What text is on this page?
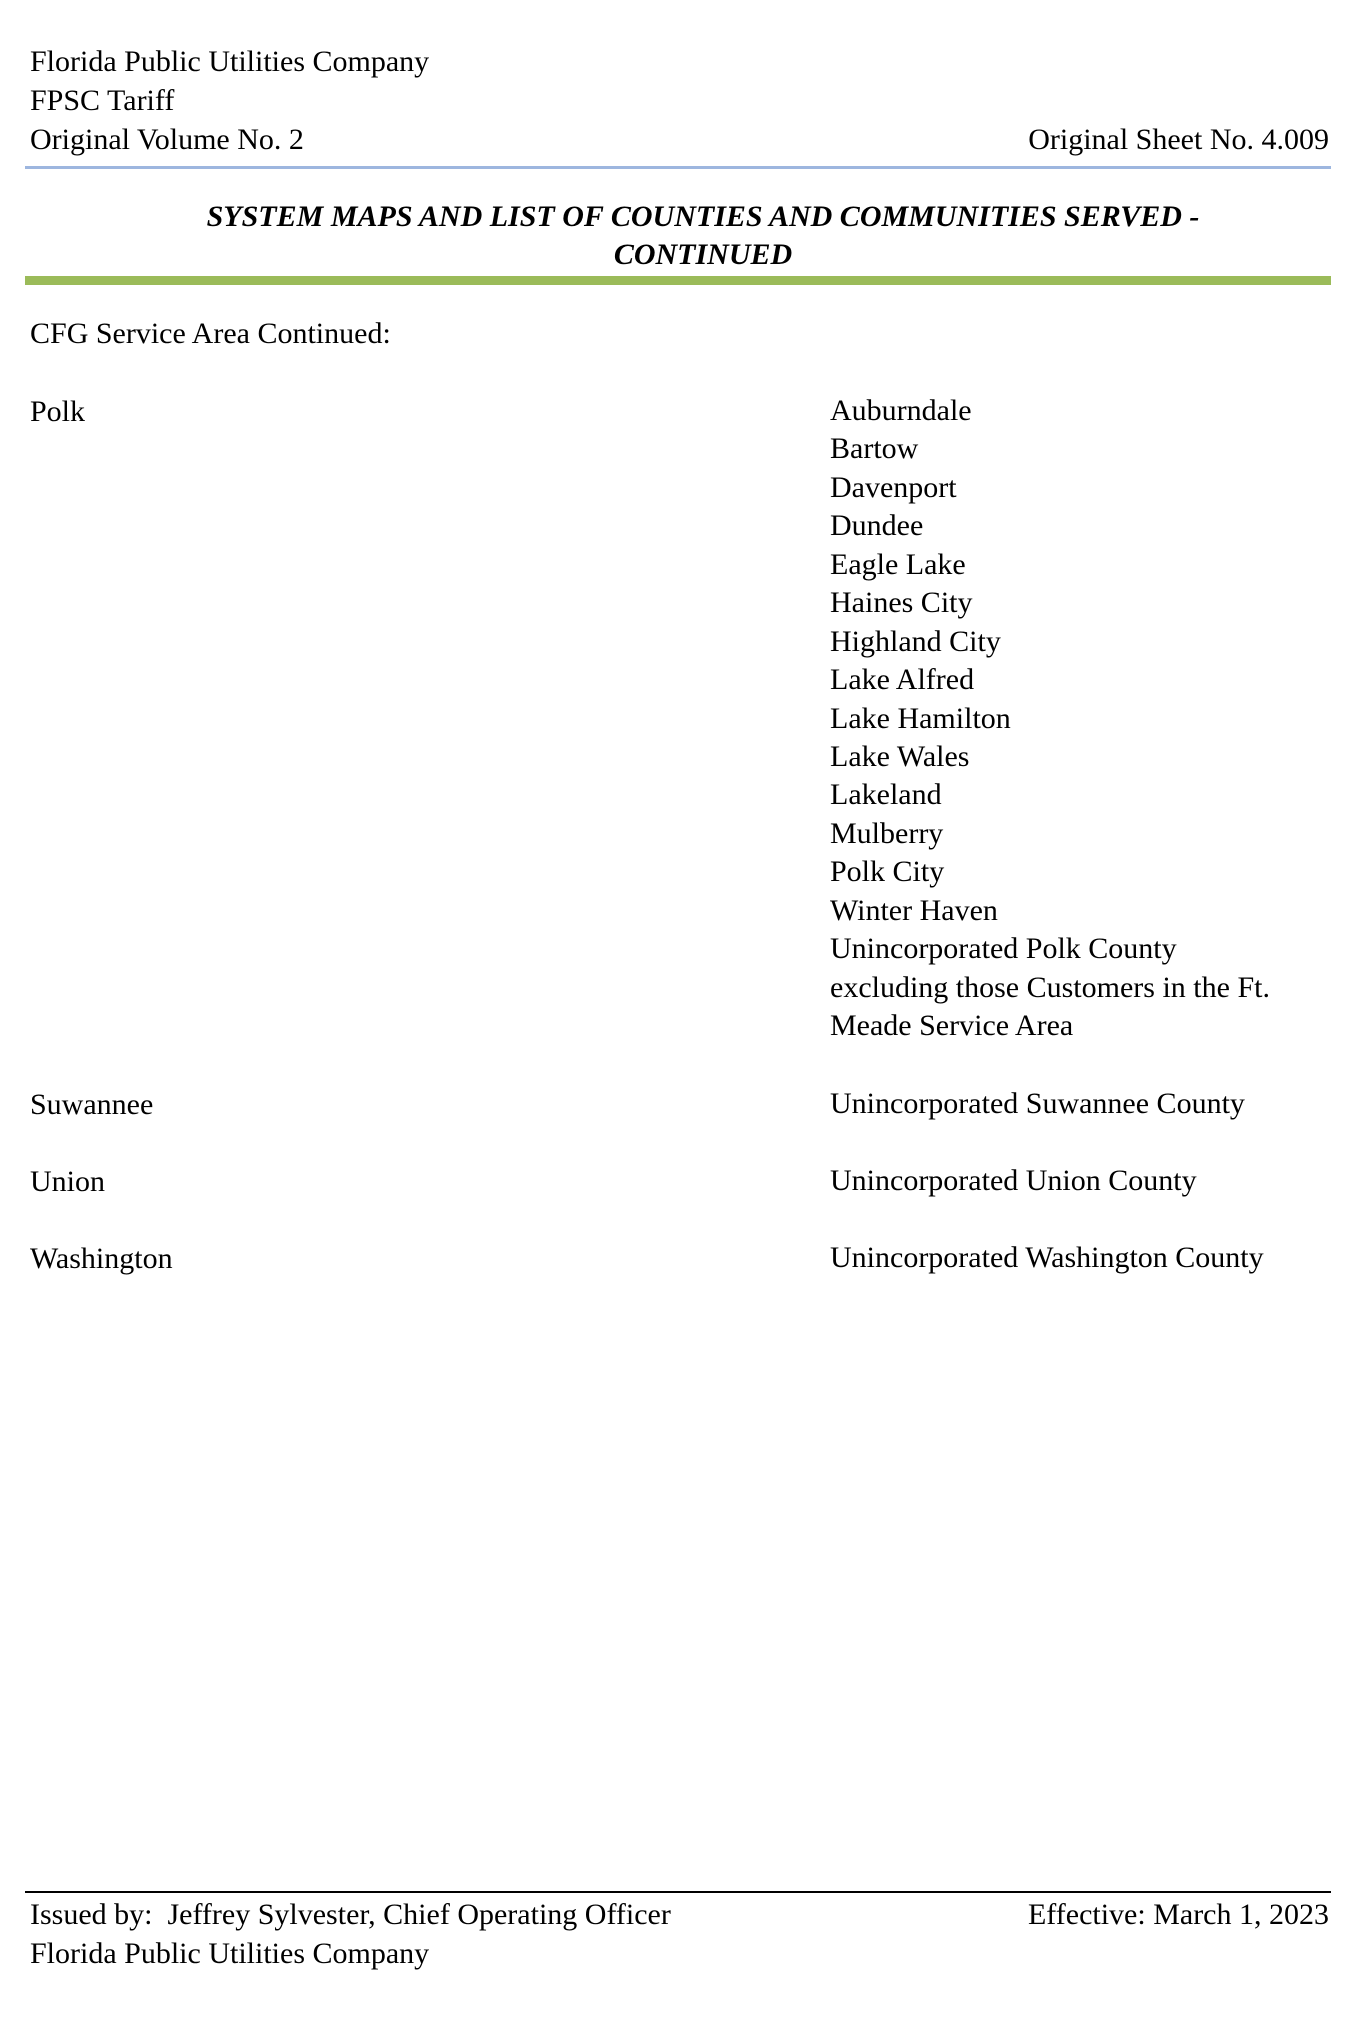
Florida Public Utilities Company
FPSC Tariff
Original Volume No. 2	Original Sheet No. 4.009
SYSTEM MAPS AND LIST OF COUNTIES AND COMMUNITIES SERVED -
CONTINUED
CFG Service Area Continued:
Polk	Auburndale
Bartow
Davenport
Dundee
Eagle Lake
Haines City
Highland City
Lake Alfred
Lake Hamilton
Lake Wales
Lakeland
Mulberry
Polk City
Winter Haven
Unincorporated Polk County
excluding those Customers in the Ft.
Meade Service Area
Suwannee	Unincorporated Suwannee County
Union	Unincorporated Union County
Washington	Unincorporated Washington County
Issued by:  Jeffrey Sylvester, Chief Operating Officer
Florida Public Utilities Company
Effective: March 1, 2023
